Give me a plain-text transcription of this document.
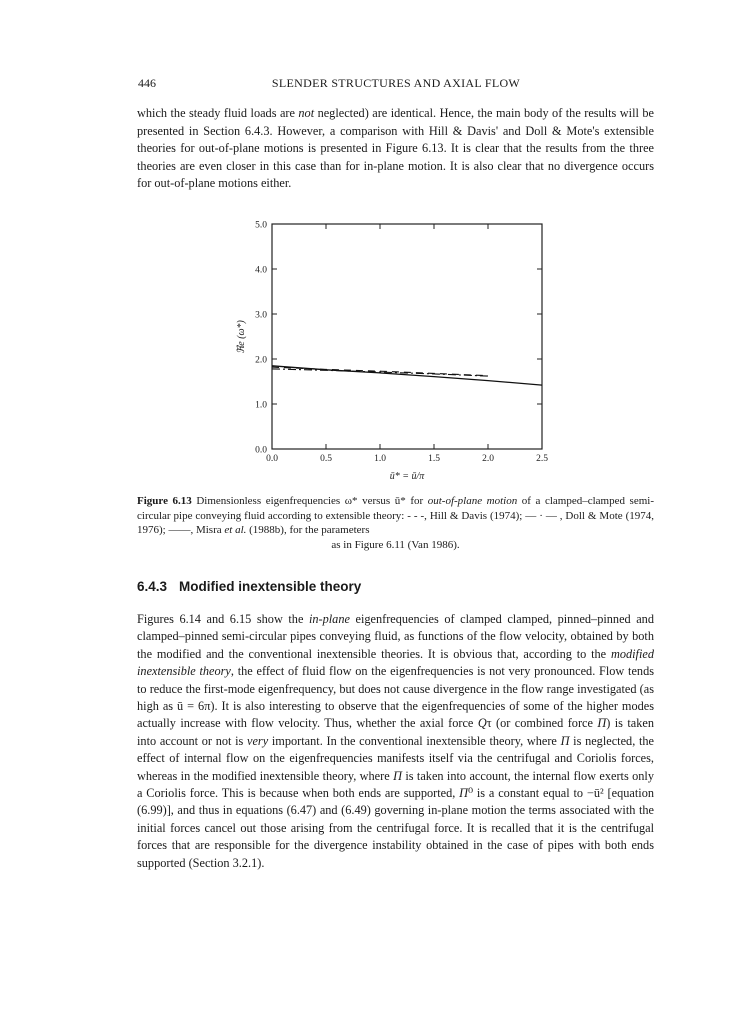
446	SLENDER STRUCTURES AND AXIAL FLOW

which the steady fluid loads are not neglected) are identical. Hence, the main body of the results will be presented in Section 6.4.3. However, a comparison with Hill & Davis' and Doll & Mote's extensible theories for out-of-plane motions is presented in Figure 6.13. It is clear that the results from the three theories are even closer in this case than for in-plane motion. It is also clear that no divergence occurs for out-of-plane motions either.

0.0
1.0
2.0
3.0
4.0
5.0
0.0	0.5	1.0	1.5	2.0	2.5
ℜe (ω*)
ū* = ū/π

Figure 6.13 Dimensionless eigenfrequencies ω* versus ū* for out-of-plane motion of a clamped–clamped semi-circular pipe conveying fluid according to extensible theory: - - -, Hill & Davis (1974); — · — , Doll & Mote (1974, 1976); ——, Misra et al. (1988b), for the parameters

as in Figure 6.11 (Van 1986).

6.4.3 Modified inextensible theory

Figures 6.14 and 6.15 show the in-plane eigenfrequencies of clamped clamped, pinned–pinned and clamped–pinned semi-circular pipes conveying fluid, as functions of the flow velocity, obtained by both the modified and the conventional inextensible theories. It is obvious that, according to the modified inextensible theory, the effect of fluid flow on the eigenfrequencies is not very pronounced. Flow tends to reduce the first-mode eigenfrequency, but does not cause divergence in the flow range investigated (as high as ū = 6π). It is also interesting to observe that the eigenfrequencies of some of the higher modes actually increase with flow velocity. Thus, whether the axial force Qτ (or combined force Π) is taken into account or not is very important. In the conventional inextensible theory, where Π is neglected, the effect of internal flow on the eigenfrequencies manifests itself via the centrifugal and Coriolis forces, whereas in the modified inextensible theory, where Π is taken into account, the internal flow exerts only a Coriolis force. This is because when both ends are supported, Π⁰ is a constant equal to −ū² [equation (6.99)], and thus in equations (6.47) and (6.49) governing in-plane motion the terms associated with the initial forces cancel out those arising from the centrifugal force. It is recalled that it is the centrifugal forces that are responsible for the divergence instability obtained in the case of pipes with both ends supported (Section 3.2.1).
